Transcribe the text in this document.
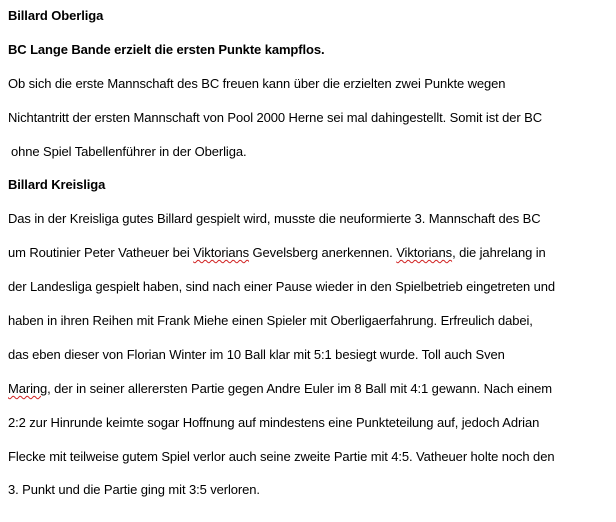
Billard Oberliga
BC Lange Bande erzielt die ersten Punkte kampflos.
Ob sich die erste Mannschaft des BC freuen kann über die erzielten zwei Punkte wegen
Nichtantritt der ersten Mannschaft von Pool 2000 Herne sei mal dahingestellt. Somit ist der BC
ohne Spiel Tabellenführer in der Oberliga.
Billard Kreisliga
Das in der Kreisliga gutes Billard gespielt wird, musste die neuformierte 3. Mannschaft des BC
um Routinier Peter Vatheuer bei Viktorians Gevelsberg anerkennen. Viktorians, die jahrelang in
der Landesliga gespielt haben, sind nach einer Pause wieder in den Spielbetrieb eingetreten und
haben in ihren Reihen mit Frank Miehe einen Spieler mit Oberligaerfahrung. Erfreulich dabei,
das eben dieser von Florian Winter im 10 Ball klar mit 5:1 besiegt wurde. Toll auch Sven
Maring, der in seiner allerersten Partie gegen Andre Euler im 8 Ball mit 4:1 gewann. Nach einem
2:2 zur Hinrunde keimte sogar Hoffnung auf mindestens eine Punkteteilung auf, jedoch Adrian
Flecke mit teilweise gutem Spiel verlor auch seine zweite Partie mit 4:5. Vatheuer holte noch den
3. Punkt und die Partie ging mit 3:5 verloren.
